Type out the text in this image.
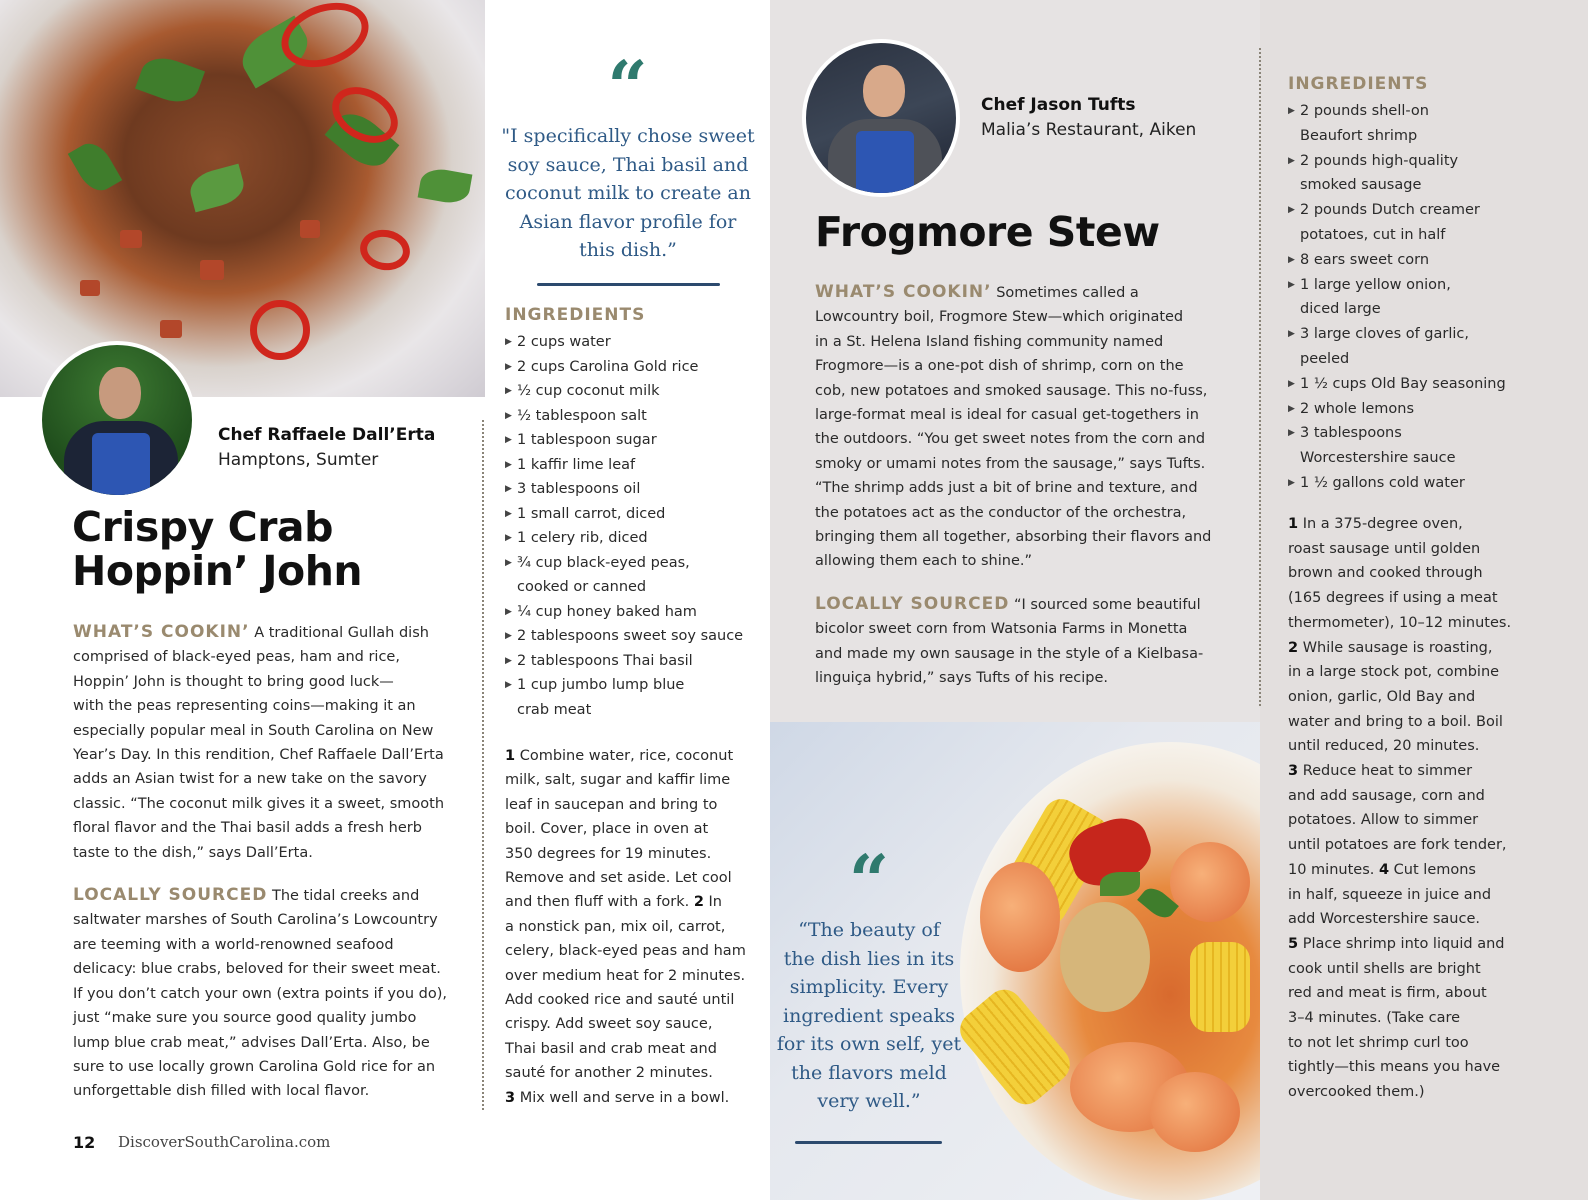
Chef Raffaele Dall’Erta
Hamptons, Sumter
Crispy Crab
Hoppin’ John
WHAT’S COOKIN’ A traditional Gullah dish
comprised of black-eyed peas, ham and rice,
Hoppin’ John is thought to bring good luck—
with the peas representing coins—making it an
especially popular meal in South Carolina on New
Year’s Day. In this rendition, Chef Raffaele Dall’Erta
adds an Asian twist for a new take on the savory
classic. “The coconut milk gives it a sweet, smooth
floral flavor and the Thai basil adds a fresh herb
taste to the dish,” says Dall’Erta.
LOCALLY SOURCED The tidal creeks and
saltwater marshes of South Carolina’s Lowcountry
are teeming with a world-renowned seafood
delicacy: blue crabs, beloved for their sweet meat.
If you don’t catch your own (extra points if you do),
just “make sure you source good quality jumbo
lump blue crab meat,” advises Dall’Erta. Also, be
sure to use locally grown Carolina Gold rice for an
unforgettable dish filled with local flavor.
“
"I specifically chose sweet
soy sauce, Thai basil and
coconut milk to create an
Asian flavor profile for
this dish.”
INGREDIENTS
▶ 2 cups water
▶ 2 cups Carolina Gold rice
▶ ½ cup coconut milk
▶ ½ tablespoon salt
▶ 1 tablespoon sugar
▶ 1 kaffir lime leaf
▶ 3 tablespoons oil
▶ 1 small carrot, diced
▶ 1 celery rib, diced
▶ ¾ cup black-eyed peas,
cooked or canned
▶ ¼ cup honey baked ham
▶ 2 tablespoons sweet soy sauce
▶ 2 tablespoons Thai basil
▶ 1 cup jumbo lump blue
crab meat
1 Combine water, rice, coconut
milk, salt, sugar and kaffir lime
leaf in saucepan and bring to
boil. Cover, place in oven at
350 degrees for 19 minutes.
Remove and set aside. Let cool
and then fluff with a fork. 2 In
a nonstick pan, mix oil, carrot,
celery, black-eyed peas and ham
over medium heat for 2 minutes.
Add cooked rice and sauté until
crispy. Add sweet soy sauce,
Thai basil and crab meat and
sauté for another 2 minutes.
3 Mix well and serve in a bowl.
12 DiscoverSouthCarolina.com
Chef Jason Tufts
Malia’s Restaurant, Aiken
Frogmore Stew
WHAT’S COOKIN’ Sometimes called a
Lowcountry boil, Frogmore Stew—which originated
in a St. Helena Island fishing community named
Frogmore—is a one-pot dish of shrimp, corn on the
cob, new potatoes and smoked sausage. This no-fuss,
large-format meal is ideal for casual get-togethers in
the outdoors. “You get sweet notes from the corn and
smoky or umami notes from the sausage,” says Tufts.
“The shrimp adds just a bit of brine and texture, and
the potatoes act as the conductor of the orchestra,
bringing them all together, absorbing their flavors and
allowing them each to shine.”
LOCALLY SOURCED “I sourced some beautiful
bicolor sweet corn from Watsonia Farms in Monetta
and made my own sausage in the style of a Kielbasa-
linguiça hybrid,” says Tufts of his recipe.
“
“The beauty of
the dish lies in its
simplicity. Every
ingredient speaks
for its own self, yet
the flavors meld
very well.”
INGREDIENTS
▶ 2 pounds shell-on
Beaufort shrimp
▶ 2 pounds high-quality
smoked sausage
▶ 2 pounds Dutch creamer
potatoes, cut in half
▶ 8 ears sweet corn
▶ 1 large yellow onion,
diced large
▶ 3 large cloves of garlic,
peeled
▶ 1 ½ cups Old Bay seasoning
▶ 2 whole lemons
▶ 3 tablespoons
Worcestershire sauce
▶ 1 ½ gallons cold water
1 In a 375-degree oven,
roast sausage until golden
brown and cooked through
(165 degrees if using a meat
thermometer), 10–12 minutes.
2 While sausage is roasting,
in a large stock pot, combine
onion, garlic, Old Bay and
water and bring to a boil. Boil
until reduced, 20 minutes.
3 Reduce heat to simmer
and add sausage, corn and
potatoes. Allow to simmer
until potatoes are fork tender,
10 minutes. 4 Cut lemons
in half, squeeze in juice and
add Worcestershire sauce.
5 Place shrimp into liquid and
cook until shells are bright
red and meat is firm, about
3–4 minutes. (Take care
to not let shrimp curl too
tightly—this means you have
overcooked them.)
